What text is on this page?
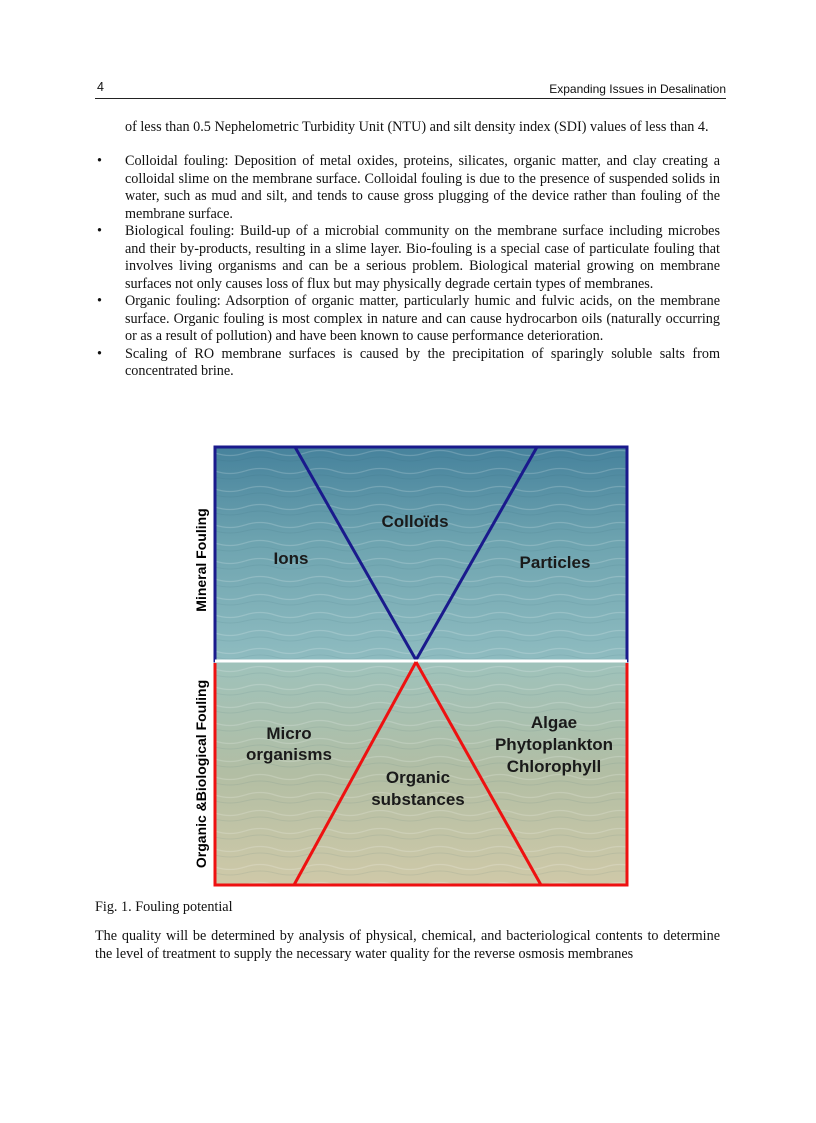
4	Expanding Issues in Desalination

of less than 0.5 Nephelometric Turbidity Unit (NTU) and silt density index (SDI) values of less than 4.

• Colloidal fouling: Deposition of metal oxides, proteins, silicates, organic matter, and clay creating a colloidal slime on the membrane surface. Colloidal fouling is due to the presence of suspended solids in water, such as mud and silt, and tends to cause gross plugging of the device rather than fouling of the membrane surface.
• Biological fouling: Build-up of a microbial community on the membrane surface including microbes and their by-products, resulting in a slime layer. Bio-fouling is a special case of particulate fouling that involves living organisms and can be a serious problem. Biological material growing on membrane surfaces not only causes loss of flux but may physically degrade certain types of membranes.
• Organic fouling: Adsorption of organic matter, particularly humic and fulvic acids, on the membrane surface. Organic fouling is most complex in nature and can cause hydrocarbon oils (naturally occurring or as a result of pollution) and have been known to cause performance deterioration.
• Scaling of RO membrane surfaces is caused by the precipitation of sparingly soluble salts from concentrated brine.
Mineral Fouling
Organic &Biological Fouling
Ions
Colloïds
Particles
Micro
organisms
Organic
substances
Algae
Phytoplankton
Chlorophyll

Fig. 1. Fouling potential

The quality will be determined by analysis of physical, chemical, and bacteriological contents to determine the level of treatment to supply the necessary water quality for the reverse osmosis membranes
